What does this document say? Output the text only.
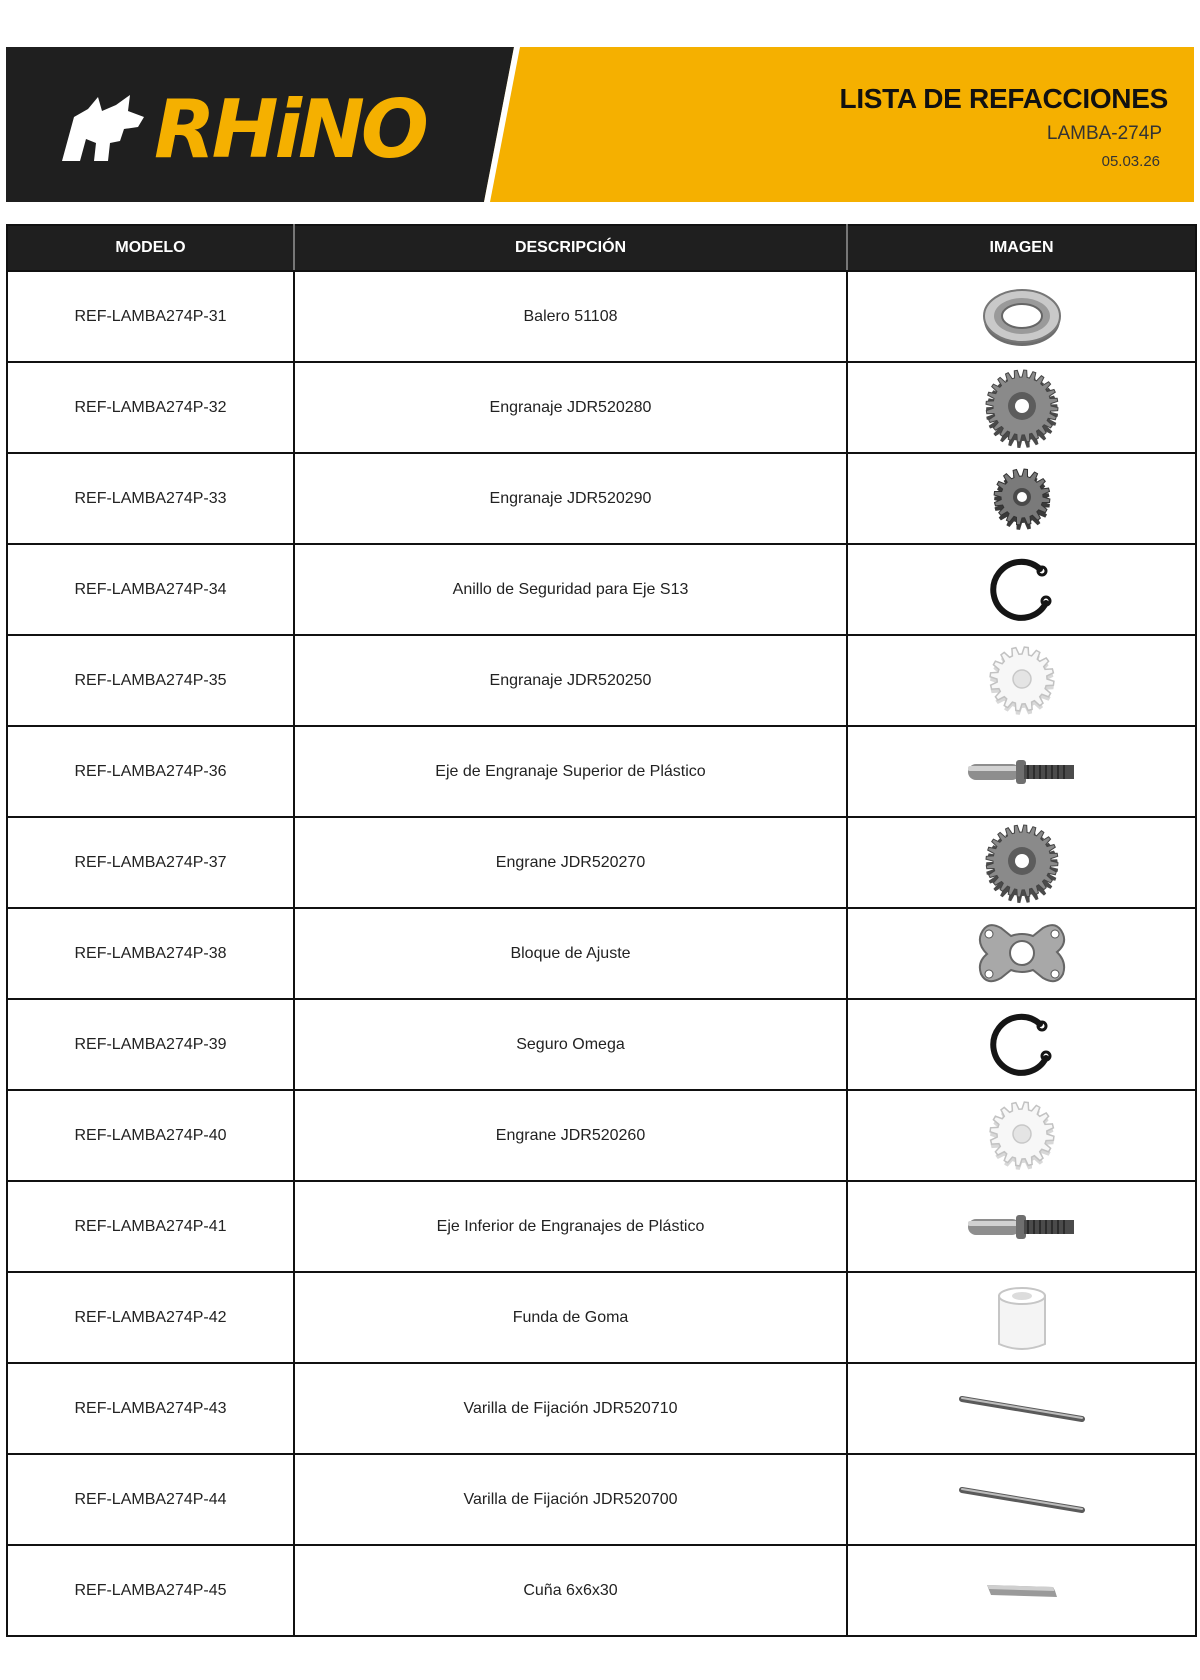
RHiNO	LISTA DE REFACCIONES
LAMBA-274P
05.03.26
MODELO	DESCRIPCIÓN	IMAGEN
REF-LAMBA274P-31	Balero 51108	

REF-LAMBA274P-32	Engranaje JDR520280	

REF-LAMBA274P-33	Engranaje JDR520290	

REF-LAMBA274P-34	Anillo de Seguridad para Eje S13	

REF-LAMBA274P-35	Engranaje JDR520250	

REF-LAMBA274P-36	Eje de Engranaje Superior de Plástico	

REF-LAMBA274P-37	Engrane JDR520270	

REF-LAMBA274P-38	Bloque de Ajuste	

REF-LAMBA274P-39	Seguro Omega	

REF-LAMBA274P-40	Engrane JDR520260	

REF-LAMBA274P-41	Eje Inferior de Engranajes de Plástico	

REF-LAMBA274P-42	Funda de Goma	

REF-LAMBA274P-43	Varilla de Fijación JDR520710	

REF-LAMBA274P-44	Varilla de Fijación JDR520700	

REF-LAMBA274P-45	Cuña 6x6x30	
